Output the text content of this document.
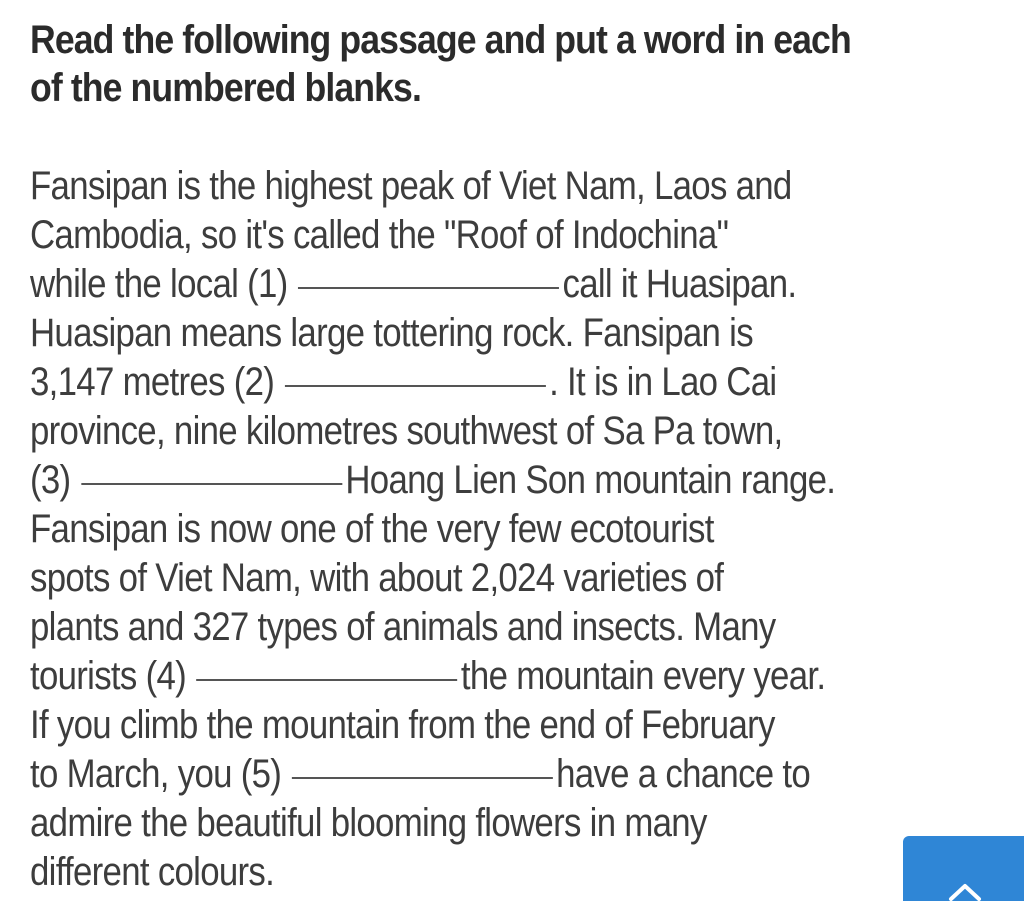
Read the following passage and put a word in each
of the numbered blanks.
Fansipan is the highest peak of Viet Nam, Laos and
Cambodia, so it's called the "Roof of Indochina"
while the local (1)	call it Huasipan.
Huasipan means large tottering rock. Fansipan is
3,147 metres (2)	. It is in Lao Cai
province, nine kilometres southwest of Sa Pa town,
(3)	Hoang Lien Son mountain range.
Fansipan is now one of the very few ecotourist
spots of Viet Nam, with about 2,024 varieties of
plants and 327 types of animals and insects. Many
tourists (4)	the mountain every year.
If you climb the mountain from the end of February
to March, you (5)	have a chance to
admire the beautiful blooming flowers in many
different colours.
